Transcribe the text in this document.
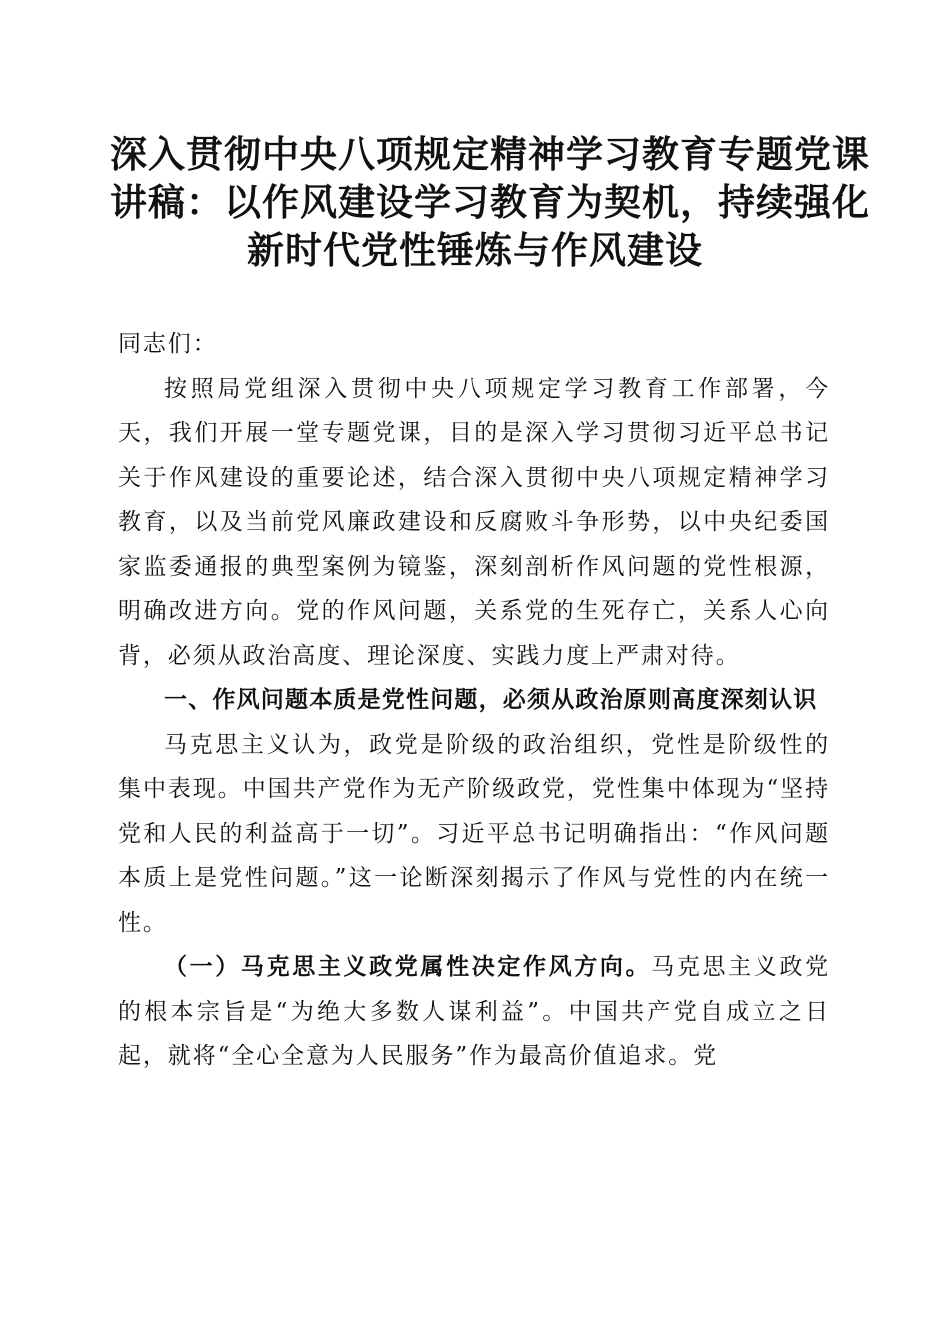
深入贯彻中央八项规定精神学习教育专题党课
讲稿：以作风建设学习教育为契机，持续强化
新时代党性锤炼与作风建设

同志们：

按照局党组深入贯彻中央八项规定学习教育工作部署，今天，我们开展一堂专题党课，目的是深入学习贯彻习近平总书记关于作风建设的重要论述，结合深入贯彻中央八项规定精神学习教育，以及当前党风廉政建设和反腐败斗争形势，以中央纪委国家监委通报的典型案例为镜鉴，深刻剖析作风问题的党性根源，明确改进方向。党的作风问题，关系党的生死存亡，关系人心向背，必须从政治高度、理论深度、实践力度上严肃对待。

一、作风问题本质是党性问题，必须从政治原则高度深刻认识

马克思主义认为，政党是阶级的政治组织，党性是阶级性的集中表现。中国共产党作为无产阶级政党，党性集中体现为“坚持党和人民的利益高于一切”。习近平总书记明确指出：“作风问题本质上是党性问题。”这一论断深刻揭示了作风与党性的内在统一性。

（一）马克思主义政党属性决定作风方向。马克思主义政党的根本宗旨是“为绝大多数人谋利益”。中国共产党自成立之日起，就将“全心全意为人民服务”作为最高价值追求。党
